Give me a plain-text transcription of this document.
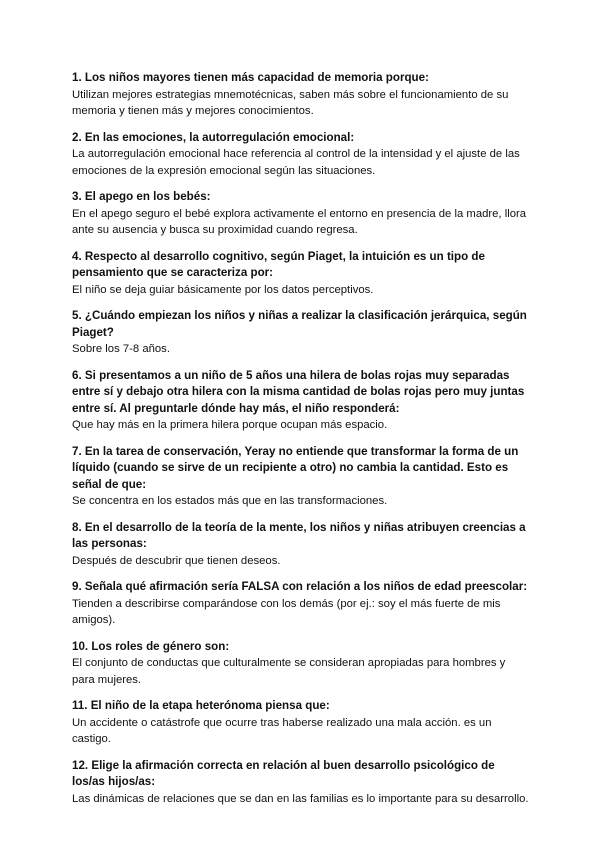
1. Los niños mayores tienen más capacidad de memoria porque:

Utilizan mejores estrategias mnemotécnicas, saben más sobre el funcionamiento de su memoria y tienen más y mejores conocimientos.

2. En las emociones, la autorregulación emocional:

La autorregulación emocional hace referencia al control de la intensidad y el ajuste de las emociones de la expresión emocional según las situaciones.

3. El apego en los bebés:

En el apego seguro el bebé explora activamente el entorno en presencia de la madre, llora ante su ausencia y busca su proximidad cuando regresa.

4. Respecto al desarrollo cognitivo, según Piaget, la intuición es un tipo de pensamiento que se caracteriza por:

El niño se deja guiar básicamente por los datos perceptivos.

5. ¿Cuándo empiezan los niños y niñas a realizar la clasificación jerárquica, según Piaget?

Sobre los 7-8 años.

6. Si presentamos a un niño de 5 años una hilera de bolas rojas muy separadas entre sí y debajo otra hilera con la misma cantidad de bolas rojas pero muy juntas entre sí. Al preguntarle dónde hay más, el niño responderá:

Que hay más en la primera hilera porque ocupan más espacio.

7. En la tarea de conservación, Yeray no entiende que transformar la forma de un líquido (cuando se sirve de un recipiente a otro) no cambia la cantidad. Esto es señal de que:

Se concentra en los estados más que en las transformaciones.

8. En el desarrollo de la teoría de la mente, los niños y niñas atribuyen creencias a las personas:

Después de descubrir que tienen deseos.

9. Señala qué afirmación sería FALSA con relación a los niños de edad preescolar:

Tienden a describirse comparándose con los demás (por ej.: soy el más fuerte de mis amigos).

10. Los roles de género son:

El conjunto de conductas que culturalmente se consideran apropiadas para hombres y para mujeres.

11. El niño de la etapa heterónoma piensa que:

Un accidente o catástrofe que ocurre tras haberse realizado una mala acción. es un castigo.

12. Elige la afirmación correcta en relación al buen desarrollo psicológico de los/as hijos/as:

Las dinámicas de relaciones que se dan en las familias es lo importante para su desarrollo.
